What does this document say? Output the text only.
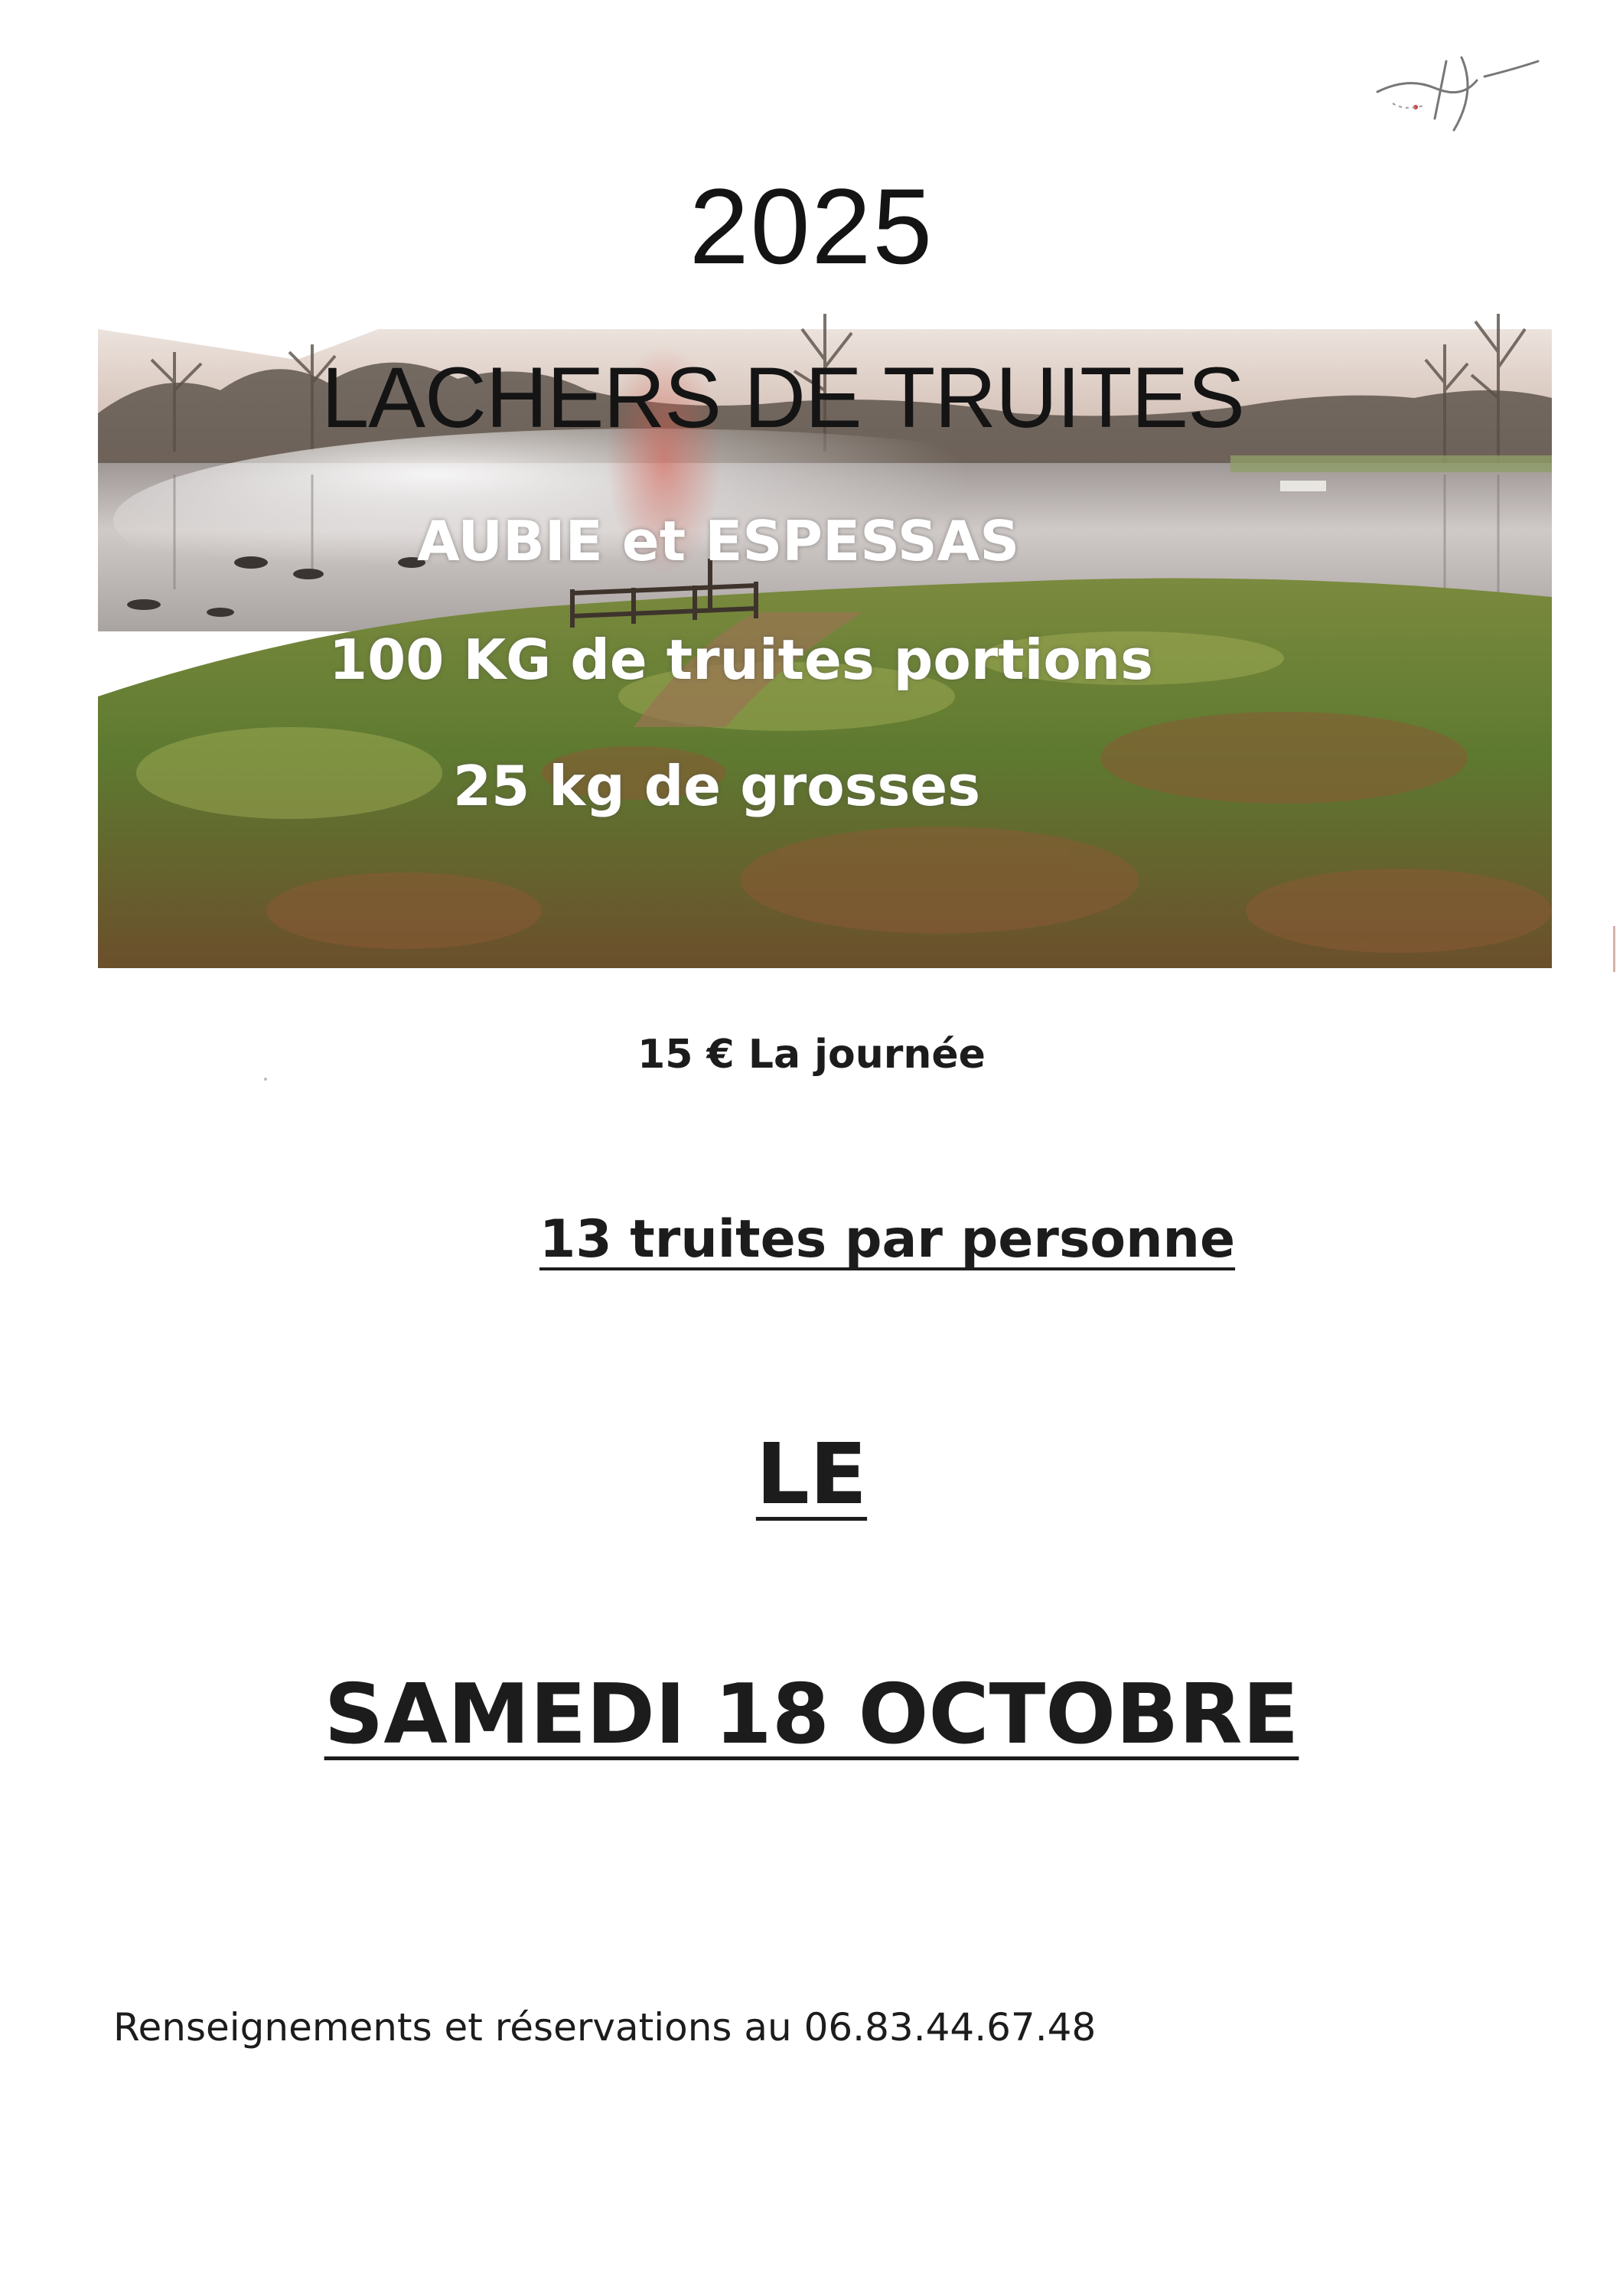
2025
LACHERS DE TRUITES
AUBIE et ESPESSAS
100 KG de truites portions
25 kg de grosses
15 € La journée
13 truites par personne
LE
SAMEDI 18 OCTOBRE
Renseignements et réservations au 06.83.44.67.48
